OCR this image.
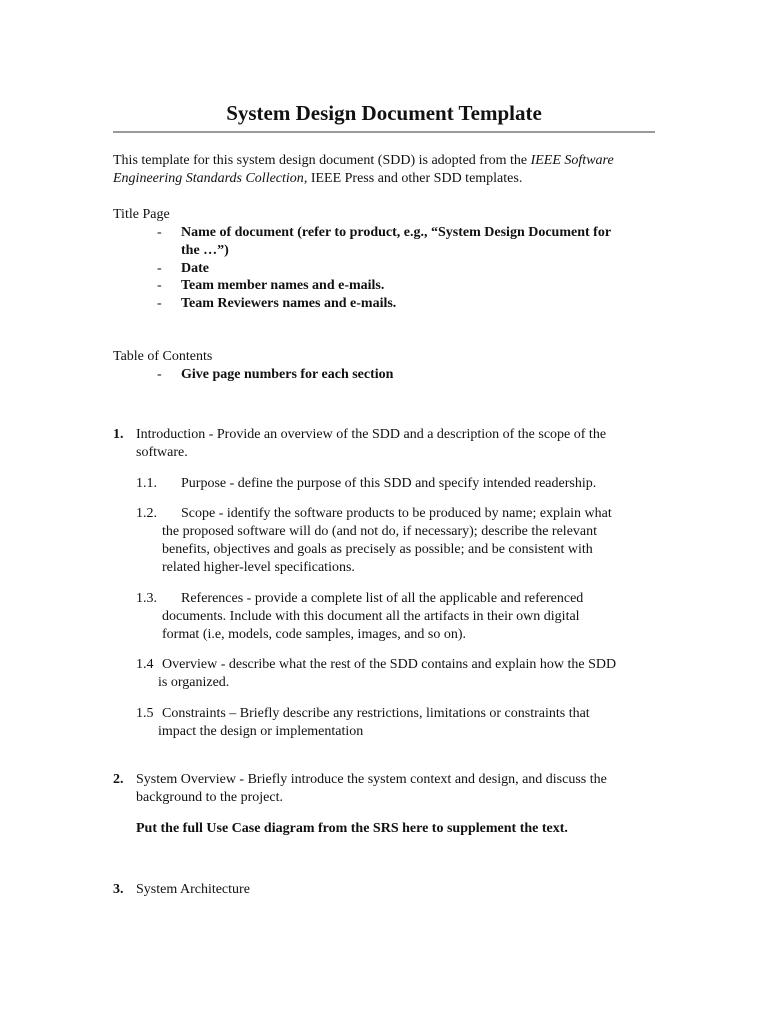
System Design Document Template
This template for this system design document (SDD) is adopted from the IEEE Software Engineering Standards Collection, IEEE Press and other SDD templates.
Title Page
- Name of document (refer to product, e.g., “System Design Document for
the …”)
- Date
- Team member names and e-mails.
- Team Reviewers names and e-mails.
Table of Contents
- Give page numbers for each section
1. Introduction - Provide an overview of the SDD and a description of the scope of the
software.
1.1. Purpose - define the purpose of this SDD and specify intended readership.
1.2. Scope - identify the software products to be produced by name; explain what
the proposed software will do (and not do, if necessary); describe the relevant
benefits, objectives and goals as precisely as possible; and be consistent with
related higher-level specifications.
1.3. References - provide a complete list of all the applicable and referenced
documents. Include with this document all the artifacts in their own digital
format (i.e, models, code samples, images, and so on).
1.4 Overview - describe what the rest of the SDD contains and explain how the SDD
is organized.
1.5 Constraints – Briefly describe any restrictions, limitations or constraints that
impact the design or implementation
2. System Overview - Briefly introduce the system context and design, and discuss the
background to the project.
Put the full Use Case diagram from the SRS here to supplement the text.
3. System Architecture
